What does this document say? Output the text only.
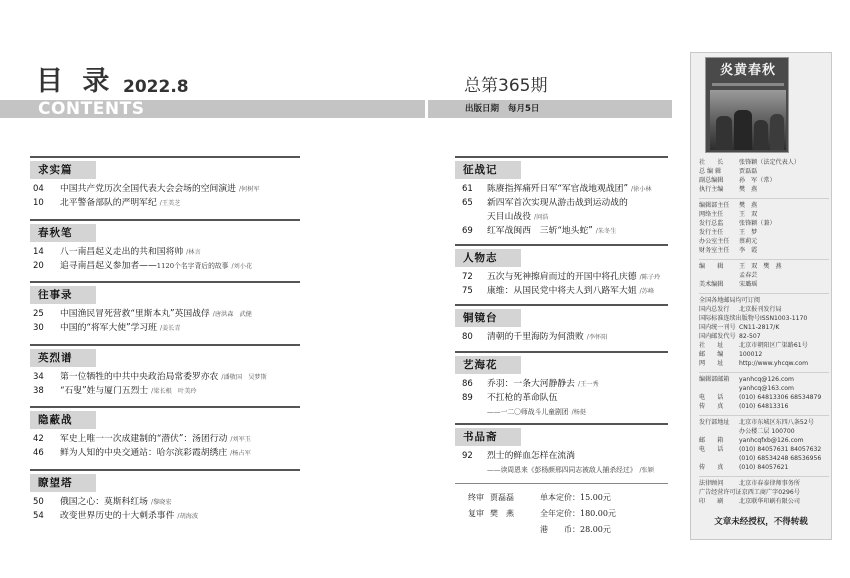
目 录 2022.8	总第365期
CONTENTS	出版日期 每月5日
求实篇
04 中国共产党历次全国代表大会会场的空间演进 /何树军
10 北平警备部队的严明军纪 /王美芝
春秋笔
14 八一南昌起义走出的共和国将帅 /林言
20 追寻南昌起义参加者——1120个名字背后的故事 /刘小花
往事录
25 中国渔民冒死营救“里斯本丸”英国战俘 /唐洪森　武健
30 中国的“将军大使”学习班 /姜长青
英烈谱
34 第一位牺牲的中共中央政治局常委罗亦农 /潘敬国　吴梦斯
38 “石叟”姓与厦门五烈士 /梁长根　叶美玲
隐蔽战
42 军史上唯一一次成建制的“潜伏”：汤团行动 /刘军玉
46 鲜为人知的中央交通站：哈尔滨彩霞胡绣庄 /杨占军
瞭望塔
50 俄国之心：莫斯科红场 /黎晓宏
54 改变世界历史的十大刺杀事件 /胡海波
征战记
61 陈赓指挥痛歼日军“军官战地观战团” /徐小林
65 新四军首次实现从游击战到运动战的
天目山战役 /问浩
69 红军战闽西　三斩“地头蛇” /朱冬生
人物志
72 五次与死神擦肩而过的开国中将孔庆德 /陈子玲
75 康维：从国民党中将夫人到八路军大姐 /苏峰
铜镜台
80 清朝的千里海防为何溃败 /李怀阳
艺海花
86 乔羽：一条大河静静去 /王一秀
89 不扛枪的革命队伍
——一二〇师战斗儿童剧团 /杨挺
书品斋
92 烈士的鲜血怎样在流淌
——读周恩来《彭杨颜邢四同志被敌人捕杀经过》 /张颖
终审 贾磊磊	单本定价：15.00元
复审 樊　燕	全年定价：180.00元
港　　币：28.00元
炎黄春秋
社　　长	张锋颖（法定代表人）
总 编 辑	贾磊磊
副总编辑	孙　军（常）
执行主编	樊　燕
编辑部主任	樊　燕
网络主任	王　双
发行总监	张锋颖（兼）
发行主任	王　梦
办公室主任	蔡莉元
财务室主任	李　霞
编　　辑	王　双　樊　燕
孟春芸
美术编辑	宋璐瑶
全国各地邮局均可订阅
国内总发行	北京报刊发行局
国际标准连续出版物号 ISSN1003-1170
国内统一刊号 CN11-2817/K
国内邮发代号 82-507
社　　址	北京市朝阳区广渠路61号
邮　　编	100012
网　　址	http://www.yhcqw.com
编辑部邮箱	yanhcq@126.com
yanhcq@163.com
电　　话	(010) 64813306 68534879
传　　真	(010) 64813316
发行部地址	北京市东城区东四八条52号
办公楼二层 100700
邮　　箱	yanhcqfxb@126.com
电　　话	(010) 84057631 84057632
(010) 68534248 68536956
传　　真	(010) 84057621
法律顾问	北京市春泰律师事务所
广告经营许可证 京西工商广字0296号
印　　刷	北京联华印刷有限公司
文章未经授权，不得转载
